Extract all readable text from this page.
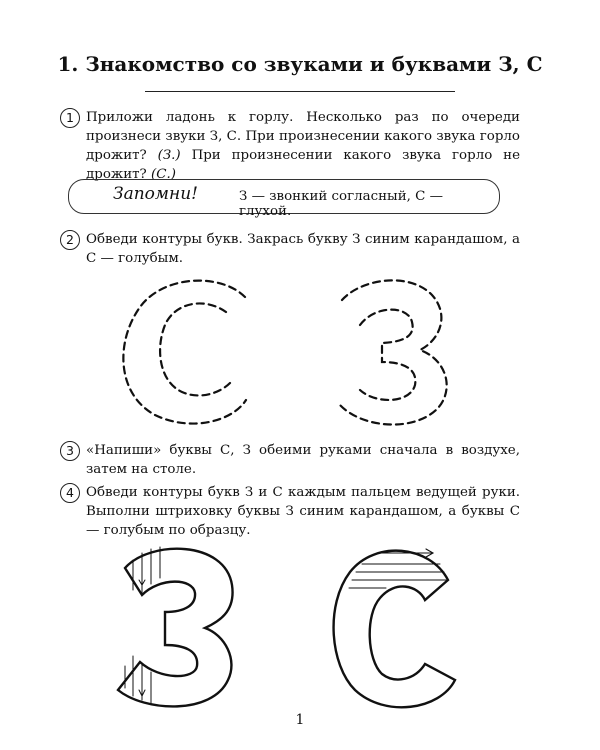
1. Знакомство со звуками и буквами З, С
1 Приложи ладонь к горлу. Несколько раз по очереди произнеси звуки З, С. При произнесении какого звука горло дрожит? (З.) При произнесении какого звука горло не дрожит? (С.)
Запомни!	З — звонкий согласный, С — глухой.
2 Обведи контуры букв. Закрась букву З синим карандашом, а С — голубым.
3 «Напиши» буквы С, З обеими руками сначала в воздухе, затем на столе.
4 Обведи контуры букв З и С каждым пальцем ведущей руки. Выполни штриховку буквы З синим карандашом, а буквы С — голубым по образцу.
1
